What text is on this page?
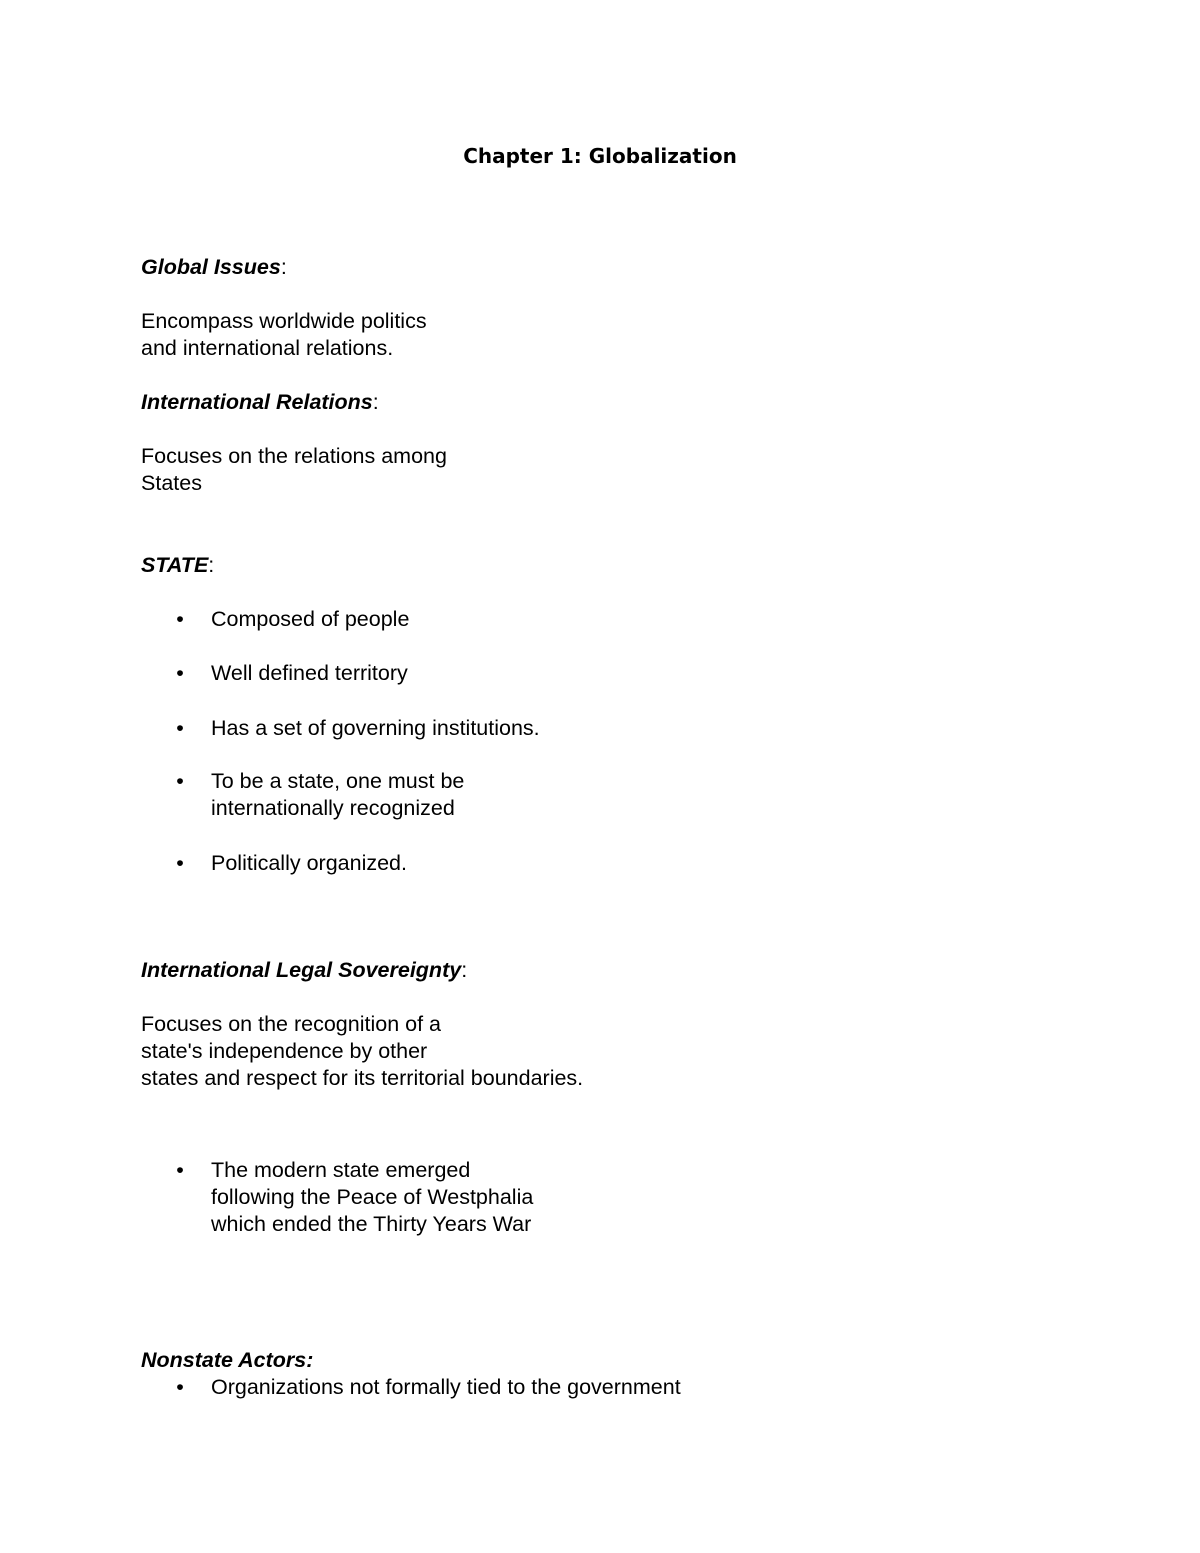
Chapter 1: Globalization
Global Issues:
Encompass worldwide politics
and international relations.
International Relations:
Focuses on the relations among
States
STATE:
• Composed of people
• Well defined territory
• Has a set of governing institutions.
• To be a state, one must be
internationally recognized
• Politically organized.
International Legal Sovereignty:
Focuses on the recognition of a
state's independence by other
states and respect for its territorial boundaries.
• The modern state emerged
following the Peace of Westphalia
which ended the Thirty Years War
Nonstate Actors:
• Organizations not formally tied to the government
